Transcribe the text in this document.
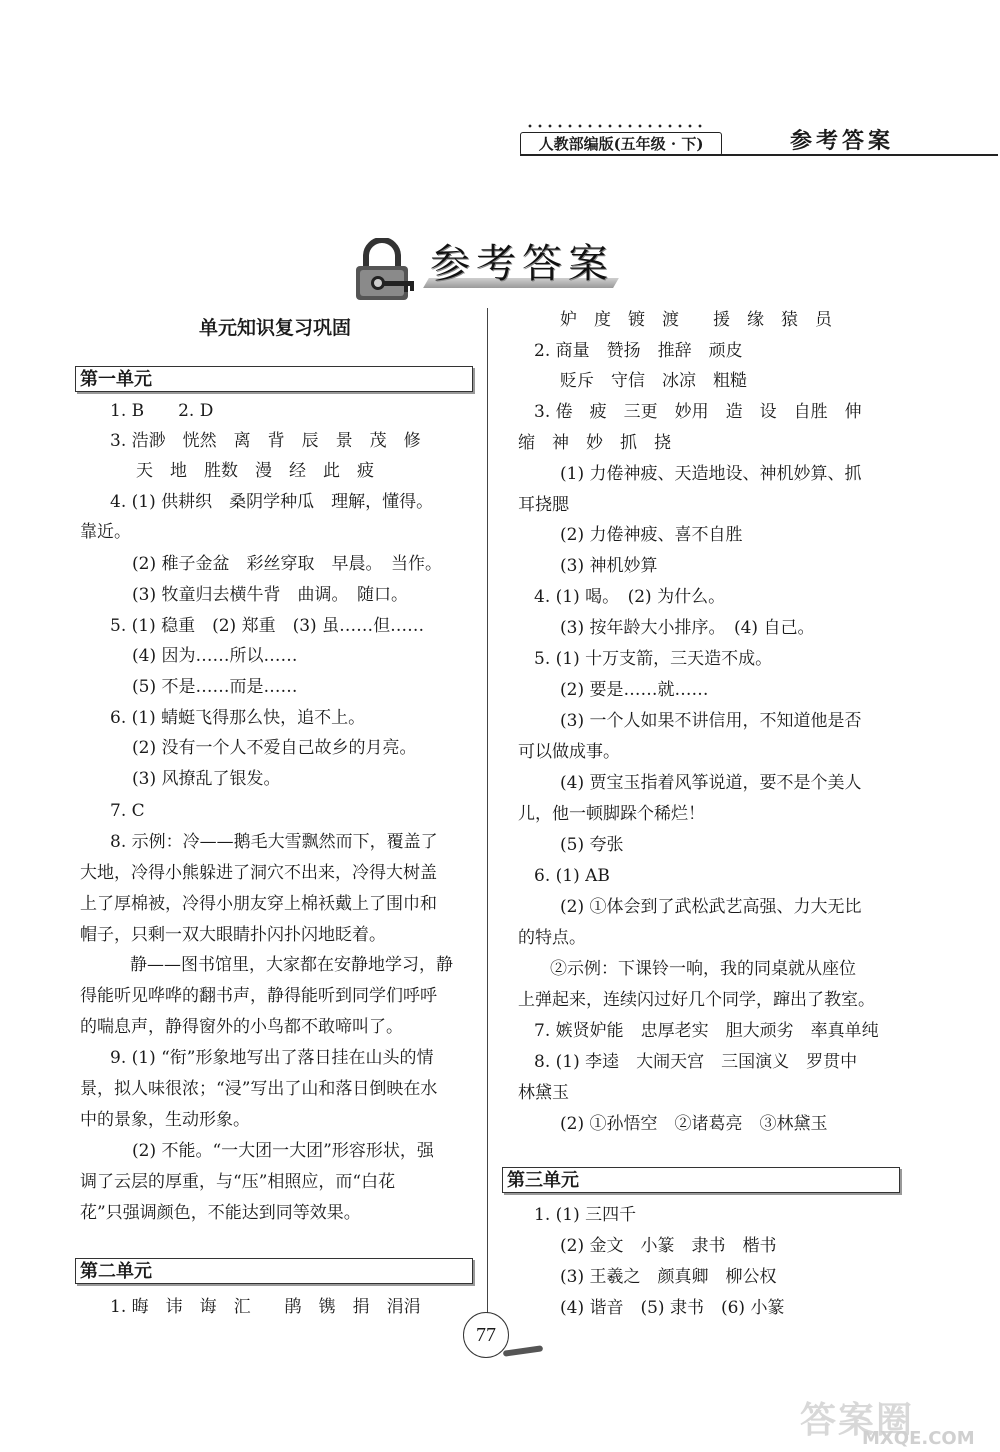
人教部编版(五年级 · 下)	参考答案
参考答案
单元知识复习巩固
第一单元
1. B　　2. D
3. 浩渺　恍然　离　背　辰　景　茂　修
天　地　胜数　漫　经　此　疲
4. (1) 供耕织　桑阴学种瓜　理解，懂得。
靠近。
(2) 稚子金盆　彩丝穿取　早晨。　当作。
(3) 牧童归去横牛背　曲调。　随口。
5. (1) 稳重　(2) 郑重　(3) 虽……但……
(4) 因为……所以……
(5) 不是……而是……
6. (1) 蜻蜓飞得那么快，追不上。
(2) 没有一个人不爱自己故乡的月亮。
(3) 风撩乱了银发。
7. C
8. 示例：冷——鹅毛大雪飘然而下，覆盖了
大地，冷得小熊躲进了洞穴不出来，冷得大树盖
上了厚棉被，冷得小朋友穿上棉袄戴上了围巾和
帽子，只剩一双大眼睛扑闪扑闪地眨着。
静——图书馆里，大家都在安静地学习，静
得能听见哗哗的翻书声，静得能听到同学们呼呼
的喘息声，静得窗外的小鸟都不敢啼叫了。
9. (1) “衔”形象地写出了落日挂在山头的情
景，拟人味很浓；“浸”写出了山和落日倒映在水
中的景象，生动形象。
(2) 不能。“一大团一大团”形容形状，强
调了云层的厚重，与“压”相照应，而“白花
花”只强调颜色，不能达到同等效果。
第二单元
1. 晦　讳　诲　汇　　鹃　镌　捐　涓涓
妒　度　镀　渡　　援　缘　猿　员
2. 商量　赞扬　推辞　顽皮
贬斥　守信　冰凉　粗糙
3. 倦　疲　三更　妙用　造　设　自胜　伸
缩　神　妙　抓　挠
(1) 力倦神疲、天造地设、神机妙算、抓
耳挠腮
(2) 力倦神疲、喜不自胜
(3) 神机妙算
4. (1) 喝。　(2) 为什么。
(3) 按年龄大小排序。　(4) 自己。
5. (1) 十万支箭，三天造不成。
(2) 要是……就……
(3) 一个人如果不讲信用，不知道他是否
可以做成事。
(4) 贾宝玉指着风筝说道，要不是个美人
儿，他一顿脚跺个稀烂！
(5) 夸张
6. (1) AB
(2) ①体会到了武松武艺高强、力大无比
的特点。
②示例：下课铃一响，我的同桌就从座位
上弹起来，连续闪过好几个同学，蹿出了教室。
7. 嫉贤妒能　忠厚老实　胆大顽劣　率真单纯
8. (1) 李逵　大闹天宫　三国演义　罗贯中
林黛玉
(2) ①孙悟空　②诸葛亮　③林黛玉
第三单元
1. (1) 三四千
(2) 金文　小篆　隶书　楷书
(3) 王羲之　颜真卿　柳公权
(4) 谐音　(5) 隶书　(6) 小篆
77
答案圈
MXQE.COM
